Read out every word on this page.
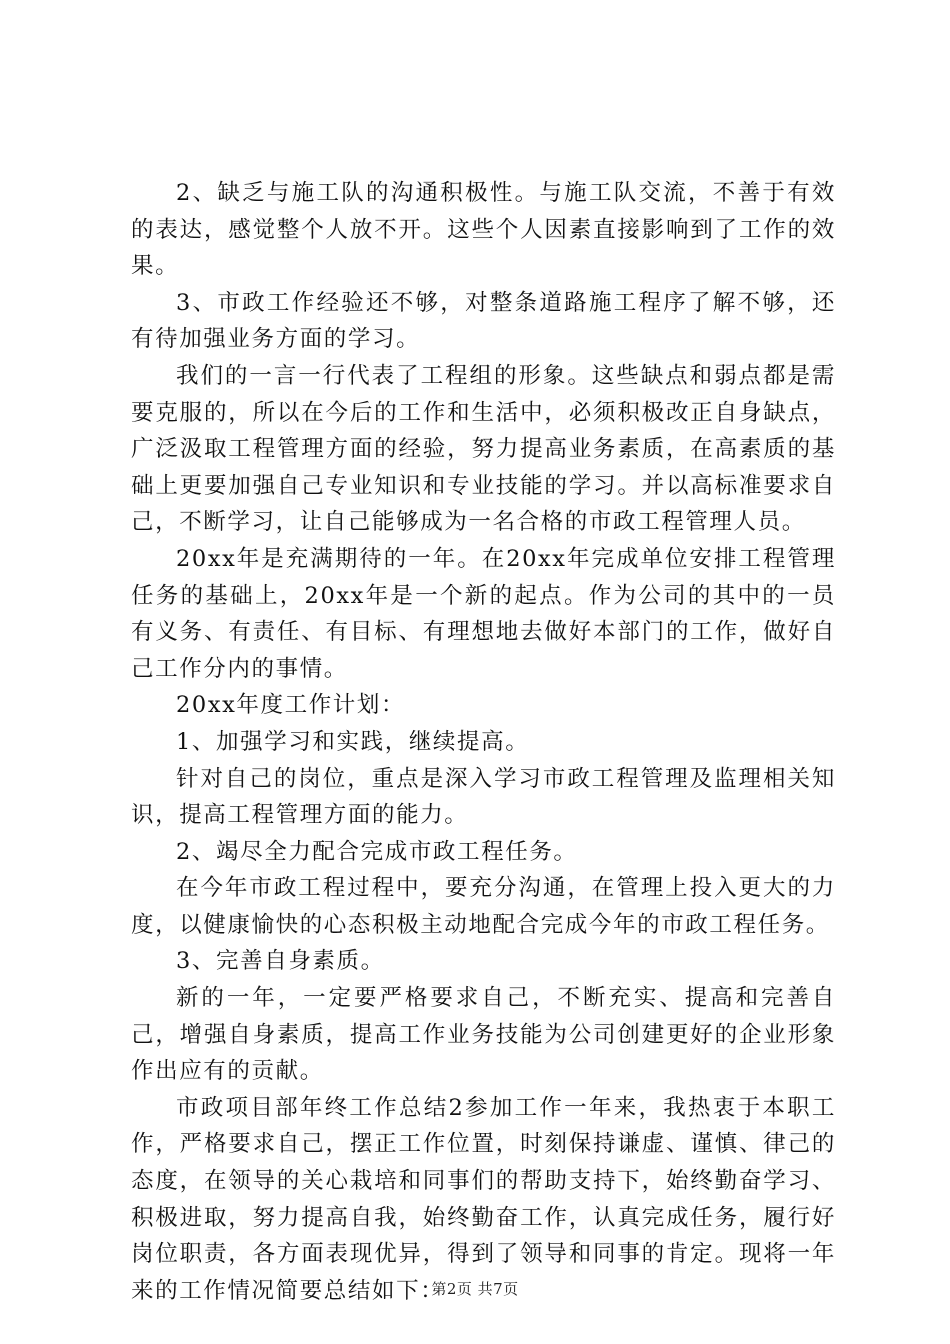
2、缺乏与施工队的沟通积极性。与施工队交流，不善于有效的表达，感觉整个人放不开。这些个人因素直接影响到了工作的效果。

3、市政工作经验还不够，对整条道路施工程序了解不够，还有待加强业务方面的学习。

我们的一言一行代表了工程组的形象。这些缺点和弱点都是需要克服的，所以在今后的工作和生活中，必须积极改正自身缺点，广泛汲取工程管理方面的经验，努力提高业务素质，在高素质的基础上更要加强自己专业知识和专业技能的学习。并以高标准要求自己，不断学习，让自己能够成为一名合格的市政工程管理人员。

20xx年是充满期待的一年。在20xx年完成单位安排工程管理任务的基础上，20xx年是一个新的起点。作为公司的其中的一员有义务、有责任、有目标、有理想地去做好本部门的工作，做好自己工作分内的事情。

20xx年度工作计划：

1、加强学习和实践，继续提高。

针对自己的岗位，重点是深入学习市政工程管理及监理相关知识，提高工程管理方面的能力。

2、竭尽全力配合完成市政工程任务。

在今年市政工程过程中，要充分沟通，在管理上投入更大的力度，以健康愉快的心态积极主动地配合完成今年的市政工程任务。

3、完善自身素质。

新的一年，一定要严格要求自己，不断充实、提高和完善自己，增强自身素质，提高工作业务技能为公司创建更好的企业形象作出应有的贡献。

市政项目部年终工作总结2参加工作一年来，我热衷于本职工作，严格要求自己，摆正工作位置，时刻保持谦虚、谨慎、律己的态度，在领导的关心栽培和同事们的帮助支持下，始终勤奋学习、积极进取，努力提高自我，始终勤奋工作，认真完成任务，履行好岗位职责，各方面表现优异，得到了领导和同事的肯定。现将一年来的工作情况简要总结如下：

第2页 共7页
